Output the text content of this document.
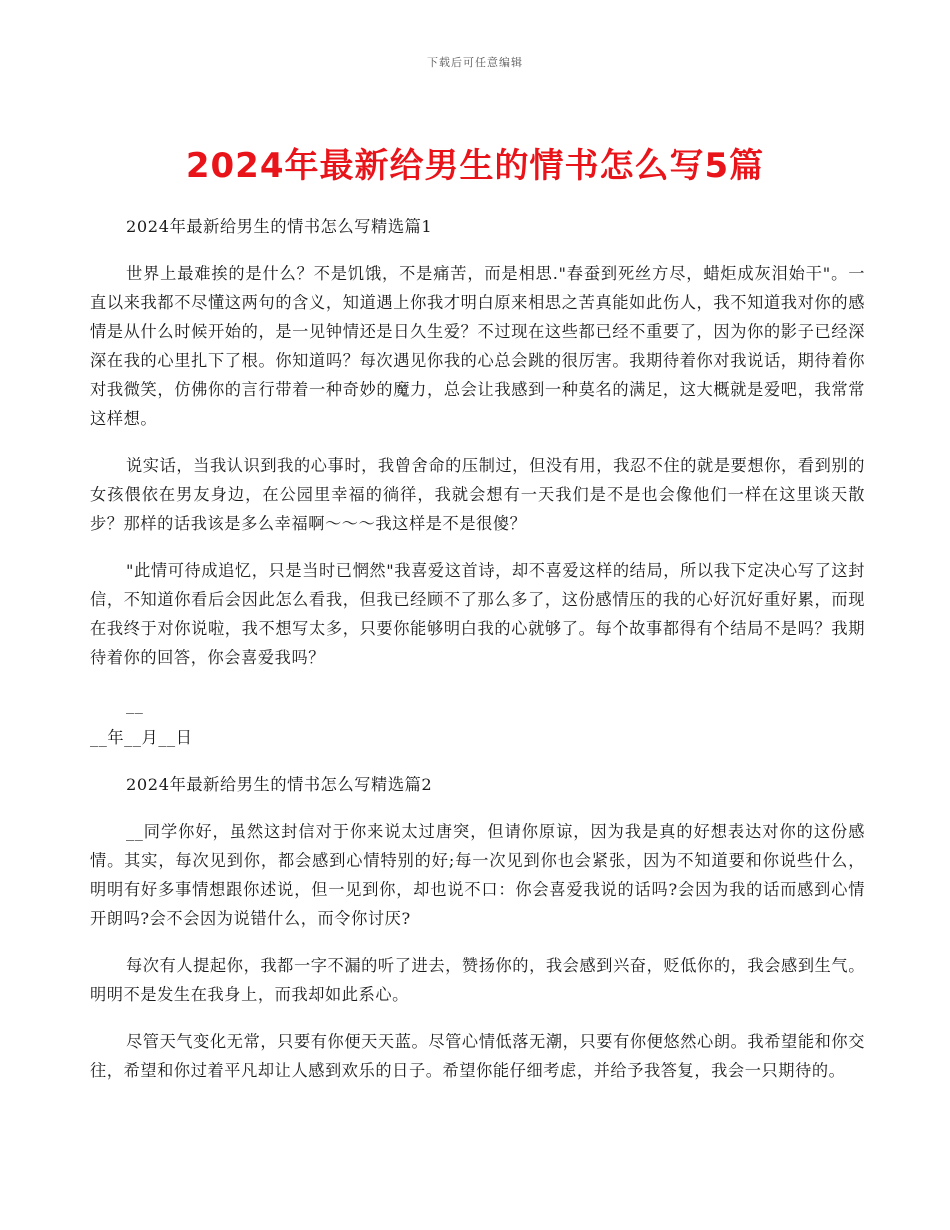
下载后可任意编辑
2024年最新给男生的情书怎么写5篇

2024年最新给男生的情书怎么写精选篇1

世界上最难挨的是什么？不是饥饿，不是痛苦，而是相思."春蚕到死丝方尽，蜡炬成灰泪始干"。一直以来我都不尽懂这两句的含义，知道遇上你我才明白原来相思之苦真能如此伤人，我不知道我对你的感情是从什么时候开始的，是一见钟情还是日久生爱？不过现在这些都已经不重要了，因为你的影子已经深深在我的心里扎下了根。你知道吗？每次遇见你我的心总会跳的很厉害。我期待着你对我说话，期待着你对我微笑，仿佛你的言行带着一种奇妙的魔力，总会让我感到一种莫名的满足，这大概就是爱吧，我常常这样想。

说实话，当我认识到我的心事时，我曾舍命的压制过，但没有用，我忍不住的就是要想你，看到别的女孩偎依在男友身边，在公园里幸福的徜徉，我就会想有一天我们是不是也会像他们一样在这里谈天散步？那样的话我该是多么幸福啊～～～我这样是不是很傻？

"此情可待成追忆，只是当时已惘然"我喜爱这首诗，却不喜爱这样的结局，所以我下定决心写了这封信，不知道你看后会因此怎么看我，但我已经顾不了那么多了，这份感情压的我的心好沉好重好累，而现在我终于对你说啦，我不想写太多，只要你能够明白我的心就够了。每个故事都得有个结局不是吗？我期待着你的回答，你会喜爱我吗？

__

__年__月__日

2024年最新给男生的情书怎么写精选篇2

__同学你好，虽然这封信对于你来说太过唐突，但请你原谅，因为我是真的好想表达对你的这份感情。其实，每次见到你，都会感到心情特别的好;每一次见到你也会紧张，因为不知道要和你说些什么，明明有好多事情想跟你述说，但一见到你，却也说不口：你会喜爱我说的话吗?会因为我的话而感到心情开朗吗?会不会因为说错什么，而令你讨厌?

每次有人提起你，我都一字不漏的听了进去，赞扬你的，我会感到兴奋，贬低你的，我会感到生气。明明不是发生在我身上，而我却如此系心。

尽管天气变化无常，只要有你便天天蓝。尽管心情低落无潮，只要有你便悠然心朗。我希望能和你交往，希望和你过着平凡却让人感到欢乐的日子。希望你能仔细考虑，并给予我答复，我会一只期待的。
